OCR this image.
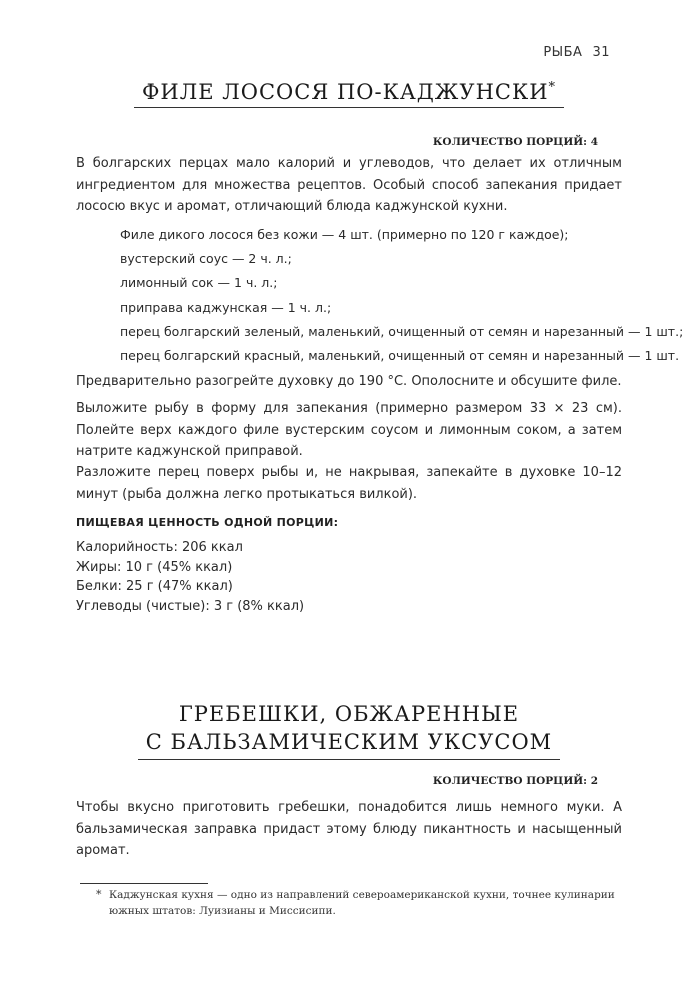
РЫБА 31
ФИЛЕ ЛОСОСЯ ПО-КАДЖУНСКИ*
КОЛИЧЕСТВО ПОРЦИЙ: 4
В болгарских перцах мало калорий и углеводов, что делает их отличным ингредиентом для множества рецептов. Особый способ запекания придает лососю вкус и аромат, отличающий блюда каджунской кухни.
Филе дикого лосося без кожи — 4 шт. (примерно по 120 г каждое);
вустерский соус — 2 ч. л.;
лимонный сок — 1 ч. л.;
приправа каджунская — 1 ч. л.;
перец болгарский зеленый, маленький, очищенный от семян и нарезанный — 1 шт.;
перец болгарский красный, маленький, очищенный от семян и нарезанный — 1 шт.
Предварительно разогрейте духовку до 190 °С. Ополосните и обсушите филе.
Выложите рыбу в форму для запекания (примерно размером 33 × 23 см). Полейте верх каждого филе вустерским соусом и лимонным соком, а затем натрите каджунской приправой.
Разложите перец поверх рыбы и, не накрывая, запекайте в духовке 10–12 минут (рыба должна легко протыкаться вилкой).
ПИЩЕВАЯ ЦЕННОСТЬ ОДНОЙ ПОРЦИИ:
Калорийность: 206 ккал
Жиры: 10 г (45% ккал)
Белки: 25 г (47% ккал)
Углеводы (чистые): 3 г (8% ккал)
ГРЕБЕШКИ, ОБЖАРЕННЫЕ
С БАЛЬЗАМИЧЕСКИМ УКСУСОМ
КОЛИЧЕСТВО ПОРЦИЙ: 2
Чтобы вкусно приготовить гребешки, понадобится лишь немного муки. А бальзамическая заправка придаст этому блюду пикантность и насыщенный аромат.
* Каджунская кухня — одно из направлений североамериканской кухни, точнее кулинарии южных штатов: Луизианы и Миссисипи.
